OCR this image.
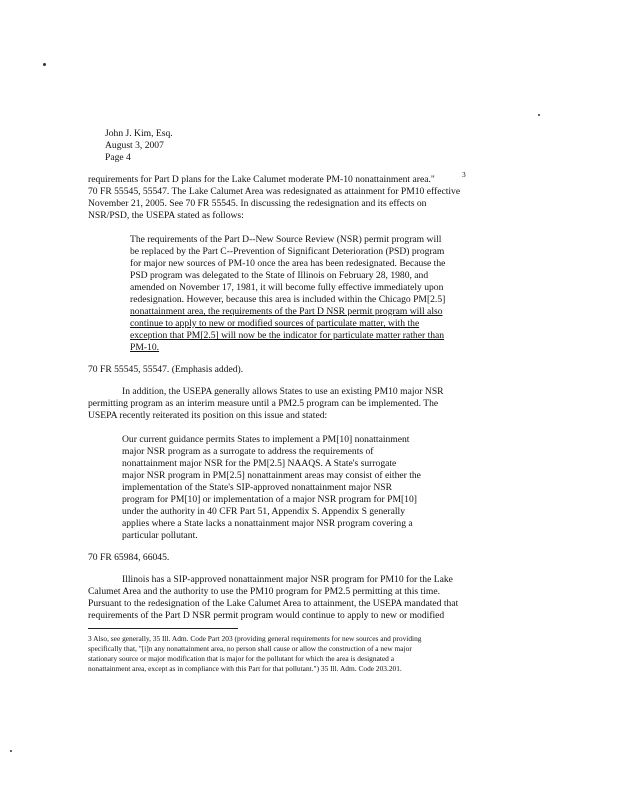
John J. Kim, Esq.
August 3, 2007
Page 4
requirements for Part D plans for the Lake Calumet moderate PM-10 nonattainment area."	3
70 FR 55545, 55547. The Lake Calumet Area was redesignated as attainment for PM10 effective
November 21, 2005. See 70 FR 55545. In discussing the redesignation and its effects on
NSR/PSD, the USEPA stated as follows:
The requirements of the Part D--New Source Review (NSR) permit program will
be replaced by the Part C--Prevention of Significant Deterioration (PSD) program
for major new sources of PM-10 once the area has been redesignated. Because the
PSD program was delegated to the State of Illinois on February 28, 1980, and
amended on November 17, 1981, it will become fully effective immediately upon
redesignation. However, because this area is included within the Chicago PM[2.5]
nonattainment area, the requirements of the Part D NSR permit program will also
continue to apply to new or modified sources of particulate matter, with the
exception that PM[2.5] will now be the indicator for particulate matter rather than
PM-10.
70 FR 55545, 55547. (Emphasis added).
In addition, the USEPA generally allows States to use an existing PM10 major NSR
permitting program as an interim measure until a PM2.5 program can be implemented. The
USEPA recently reiterated its position on this issue and stated:
Our current guidance permits States to implement a PM[10] nonattainment
major NSR program as a surrogate to address the requirements of
nonattainment major NSR for the PM[2.5] NAAQS. A State's surrogate
major NSR program in PM[2.5] nonattainment areas may consist of either the
implementation of the State's SIP-approved nonattainment major NSR
program for PM[10] or implementation of a major NSR program for PM[10]
under the authority in 40 CFR Part 51, Appendix S. Appendix S generally
applies where a State lacks a nonattainment major NSR program covering a
particular pollutant.
70 FR 65984, 66045.
Illinois has a SIP-approved nonattainment major NSR program for PM10 for the Lake
Calumet Area and the authority to use the PM10 program for PM2.5 permitting at this time.
Pursuant to the redesignation of the Lake Calumet Area to attainment, the USEPA mandated that
requirements of the Part D NSR permit program would continue to apply to new or modified
3 Also, see generally, 35 Ill. Adm. Code Part 203 (providing general requirements for new sources and providing
specifically that, "[i]n any nonattainment area, no person shall cause or allow the construction of a new major
stationary source or major modification that is major for the pollutant for which the area is designated a
nonattainment area, except as in compliance with this Part for that pollutant.") 35 Ill. Adm. Code 203.201.
